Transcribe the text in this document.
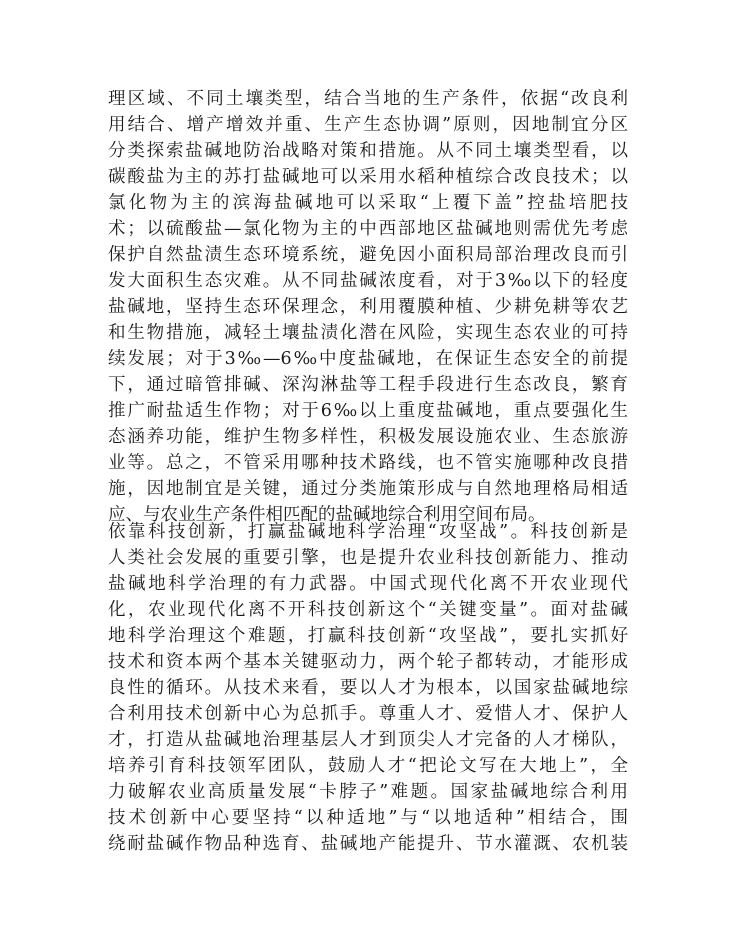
理区域、不同土壤类型，结合当地的生产条件，依据“改良利
用结合、增产增效并重、生产生态协调”原则，因地制宜分区
分类探索盐碱地防治战略对策和措施。从不同土壤类型看，以
碳酸盐为主的苏打盐碱地可以采用水稻种植综合改良技术；以
氯化物为主的滨海盐碱地可以采取“上覆下盖”控盐培肥技
术；以硫酸盐—氯化物为主的中西部地区盐碱地则需优先考虑
保护自然盐渍生态环境系统，避免因小面积局部治理改良而引
发大面积生态灾难。从不同盐碱浓度看，对于3‰以下的轻度
盐碱地，坚持生态环保理念，利用覆膜种植、少耕免耕等农艺
和生物措施，减轻土壤盐渍化潜在风险，实现生态农业的可持
续发展；对于3‰—6‰中度盐碱地，在保证生态安全的前提
下，通过暗管排碱、深沟淋盐等工程手段进行生态改良，繁育
推广耐盐适生作物；对于6‰以上重度盐碱地，重点要强化生
态涵养功能，维护生物多样性，积极发展设施农业、生态旅游
业等。总之，不管采用哪种技术路线，也不管实施哪种改良措
施，因地制宜是关键，通过分类施策形成与自然地理格局相适
应、与农业生产条件相匹配的盐碱地综合利用空间布局。
依靠科技创新，打赢盐碱地科学治理“攻坚战”。科技创新是
人类社会发展的重要引擎，也是提升农业科技创新能力、推动
盐碱地科学治理的有力武器。中国式现代化离不开农业现代
化，农业现代化离不开科技创新这个“关键变量”。面对盐碱
地科学治理这个难题，打赢科技创新“攻坚战”，要扎实抓好
技术和资本两个基本关键驱动力，两个轮子都转动，才能形成
良性的循环。从技术来看，要以人才为根本，以国家盐碱地综
合利用技术创新中心为总抓手。尊重人才、爱惜人才、保护人
才，打造从盐碱地治理基层人才到顶尖人才完备的人才梯队，
培养引育科技领军团队，鼓励人才“把论文写在大地上”，全
力破解农业高质量发展“卡脖子”难题。国家盐碱地综合利用
技术创新中心要坚持“以种适地”与“以地适种”相结合，围
绕耐盐碱作物品种选育、盐碱地产能提升、节水灌溉、农机装
